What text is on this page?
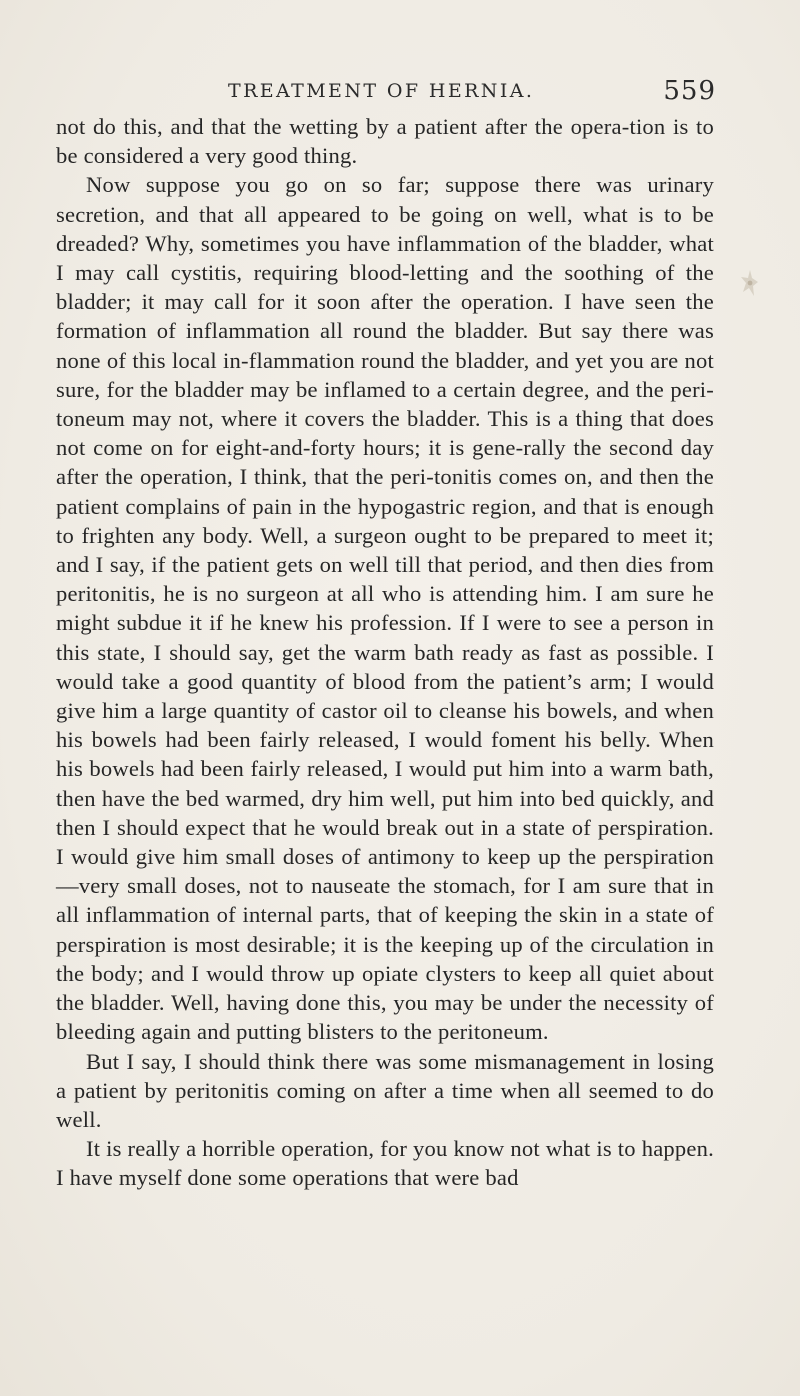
TREATMENT OF HERNIA.	559

not do this, and that the wetting by a patient after the opera-tion is to be considered a very good thing.

Now suppose you go on so far; suppose there was urinary secretion, and that all appeared to be going on well, what is to be dreaded? Why, sometimes you have inflammation of the bladder, what I may call cystitis, requiring blood-letting and the soothing of the bladder; it may call for it soon after the operation. I have seen the formation of inflammation all round the bladder. But say there was none of this local in-flammation round the bladder, and yet you are not sure, for the bladder may be inflamed to a certain degree, and the peri-toneum may not, where it covers the bladder. This is a thing that does not come on for eight-and-forty hours; it is gene-rally the second day after the operation, I think, that the peri-tonitis comes on, and then the patient complains of pain in the hypogastric region, and that is enough to frighten any body. Well, a surgeon ought to be prepared to meet it; and I say, if the patient gets on well till that period, and then dies from peritonitis, he is no surgeon at all who is attending him. I am sure he might subdue it if he knew his profession. If I were to see a person in this state, I should say, get the warm bath ready as fast as possible. I would take a good quantity of blood from the patient’s arm; I would give him a large quantity of castor oil to cleanse his bowels, and when his bowels had been fairly released, I would foment his belly. When his bowels had been fairly released, I would put him into a warm bath, then have the bed warmed, dry him well, put him into bed quickly, and then I should expect that he would break out in a state of perspiration. I would give him small doses of antimony to keep up the perspiration—very small doses, not to nauseate the stomach, for I am sure that in all inflammation of internal parts, that of keeping the skin in a state of perspiration is most desirable; it is the keeping up of the circulation in the body; and I would throw up opiate clysters to keep all quiet about the bladder. Well, having done this, you may be under the necessity of bleeding again and putting blisters to the peritoneum.

But I say, I should think there was some mismanagement in losing a patient by peritonitis coming on after a time when all seemed to do well.

It is really a horrible operation, for you know not what is to happen. I have myself done some operations that were bad
